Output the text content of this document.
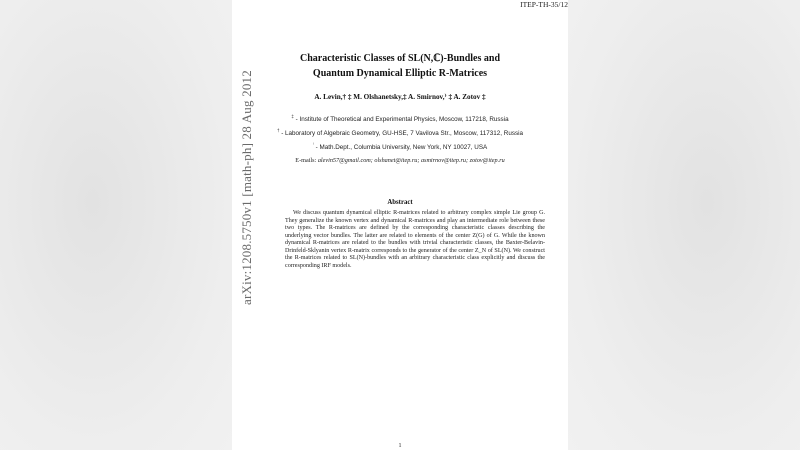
ITEP-TH-35/12
arXiv:1208.5750v1 [math-ph] 28 Aug 2012
Characteristic Classes of SL(N,ℂ)-Bundles and
Quantum Dynamical Elliptic R-Matrices
A. Levin,† ‡ M. Olshanetsky,‡ A. Smirnov,⁾ ‡ A. Zotov ‡
‡ - Institute of Theoretical and Experimental Physics, Moscow, 117218, Russia
† - Laboratory of Algebraic Geometry, GU-HSE, 7 Vavilova Str., Moscow, 117312, Russia
⁾ - Math.Dept., Columbia University, New York, NY 10027, USA
E-mails: alevin57@gmail.com; olshanet@itep.ru; asmirnov@itep.ru; zotov@itep.ru
Abstract
We discuss quantum dynamical elliptic R-matrices related to arbitrary complex simple Lie group G. They generalize the known vertex and dynamical R-matrices and play an intermediate role between these two types. The R-matrices are defined by the corresponding characteristic classes describing the underlying vector bundles. The latter are related to elements of the center Z(G) of G. While the known dynamical R-matrices are related to the bundles with trivial characteristic classes, the Baxter-Belavin-Drinfeld-Sklyanin vertex R-matrix corresponds to the generator of the center Z_N of SL(N). We construct the R-matrices related to SL(N)-bundles with an arbitrary characteristic class explicitly and discuss the corresponding IRF models.
1
